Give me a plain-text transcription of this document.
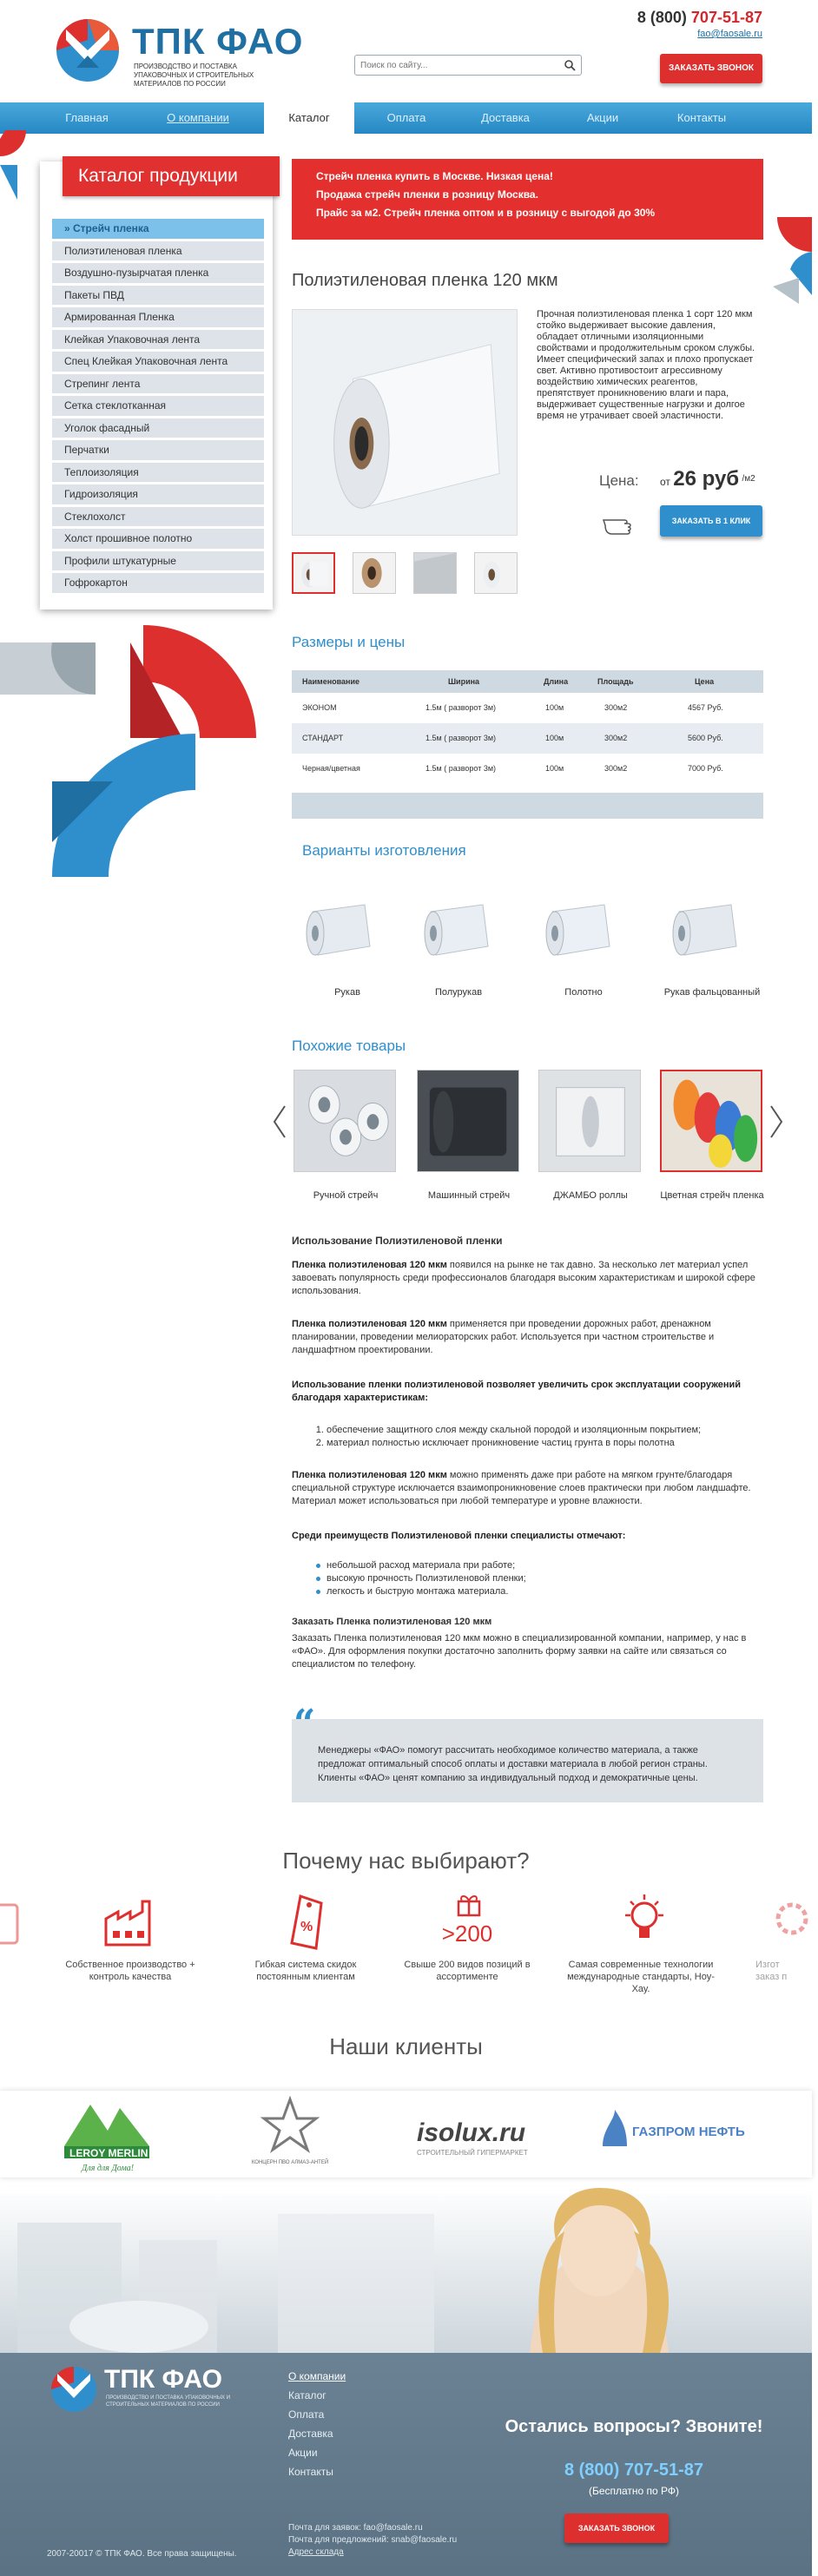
ТПК ФАО
ПРОИЗВОДСТВО И ПОСТАВКА УПАКОВОЧНЫХ И СТРОИТЕЛЬНЫХ МАТЕРИАЛОВ ПО РОССИИ
Поиск по сайту...
8 (800) 707-51-87
fao@faosale.ru
ЗАКАЗАТЬ ЗВОНОК
Главная	О компании	Каталог	Оплата	Доставка	Акции	Контакты
Каталог продукции
» Стрейч пленка
Полиэтиленовая пленка
Воздушно-пузырчатая пленка
Пакеты ПВД
Армированная Пленка
Клейкая Упаковочная лента
Спец Клейкая Упаковочная лента
Стрепинг лента
Сетка стеклотканная
Уголок фасадный
Перчатки
Теплоизоляция
Гидроизоляция
Стеклохолст
Холст прошивное полотно
Профили штукатурные
Гофрокартон
Стрейч пленка купить в Москве. Низкая цена!
Продажа стрейч пленки в розницу Москва.
Прайс за м2. Стрейч пленка оптом и в розницу с выгодой до 30%
Полиэтиленовая пленка 120 мкм
Прочная полиэтиленовая пленка 1 сорт 120 мкм стойко выдерживает высокие давления, обладает отличными изоляционными свойствами и продолжительным сроком службы. Имеет специфический запах и плохо пропускает свет. Активно противостоит агрессивному воздействию химических реагентов, препятствует проникновению влаги и пара, выдерживает существенные нагрузки и долгое время не утрачивает своей эластичности.
Цена: от 26 руб $^{/м2}$
ЗАКАЗАТЬ В 1 КЛИК
Размеры и цены
Наименование	Ширина	Длина	Площадь	Цена
ЭКОНОМ	1.5м ( разворот 3м)	100м	300м2	4567 Руб.
СТАНДАРТ	1.5м ( разворот 3м)	100м	300м2	5600 Руб.
Черная/цветная	1.5м ( разворот 3м)	100м	300м2	7000 Руб.
Варианты изготовления
Рукав	Полурукав	Полотно	Рукав фальцованный
Похожие товары
Ручной стрейч	Машинный стрейч	ДЖАМБО роллы	Цветная стрейч пленка
Использование Полиэтиленовой пленки
Пленка полиэтиленовая 120 мкм появился на рынке не так давно. За несколько лет материал успел завоевать популярность среди профессионалов благодаря высоким характеристикам и широкой сфере использования.
Пленка полиэтиленовая 120 мкм применяется при проведении дорожных работ, дренажном планировании, проведении мелиораторских работ. Используется при частном строительстве и ландшафтном проектировании.
Использование пленки полиэтиленовой позволяет увеличить срок эксплуатации сооружений благодаря характеристикам:
1. обеспечение защитного слоя между скальной породой и изоляционным покрытием;
2. материал полностью исключает проникновение частиц грунта в поры полотна
Пленка полиэтиленовая 120 мкм можно применять даже при работе на мягком грунте/благодаря специальной структуре исключается взаимопроникновение слоев практически при любом ландшафте. Материал может использоваться при любой температуре и уровне влажности.
Среди преимуществ Полиэтиленовой пленки специалисты отмечают:
небольшой расход материала при работе;
высокую прочность Полиэтиленовой пленки;
легкость и быструю монтажа материала.
Заказать Пленка полиэтиленовая 120 мкм
Заказать Пленка полиэтиленовая 120 мкм можно в специализированной компании, например, у нас в «ФАО». Для оформления покупки достаточно заполнить форму заявки на сайте или связаться со специалистом по телефону.
Менеджеры «ФАО» помогут рассчитать необходимое количество материала, а также предложат оптимальный способ оплаты и доставки материала в любой регион страны. Клиенты «ФАО» ценят компанию за индивидуальный подход и демократичные цены.
“
Почему нас выбирают?
%	>200
Собственное производство + контроль качества
Гибкая система скидок постоянным клиентам
Свыше 200 видов позиций в ассортименте
Самая современные технологии международные стандарты, Ноу-Хау.
Изгот
заказ п
Наши клиенты
LEROY MERLIN
Для для Дома!
КОНЦЕРН ПВО АЛМАЗ-АНТЕЙ
isolux.ru
СТРОИТЕЛЬНЫЙ ГИПЕРМАРКЕТ
ГАЗПРОМ НЕФТЬ
ТПК ФАО
ПРОИЗВОДСТВО И ПОСТАВКА УПАКОВОЧНЫХ И СТРОИТЕЛЬНЫХ МАТЕРИАЛОВ ПО РОССИИ
О компании
Каталог
Оплата
Доставка
Акции
Контакты
Остались вопросы? Звоните!
8 (800) 707-51-87
(Бесплатно по РФ)
ЗАКАЗАТЬ ЗВОНОК
Почта для заявок: fao@faosale.ru
Почта для предложений: snab@faosale.ru
Адрес склада
2007-20017 © ТПК ФАО. Все права защищены.
